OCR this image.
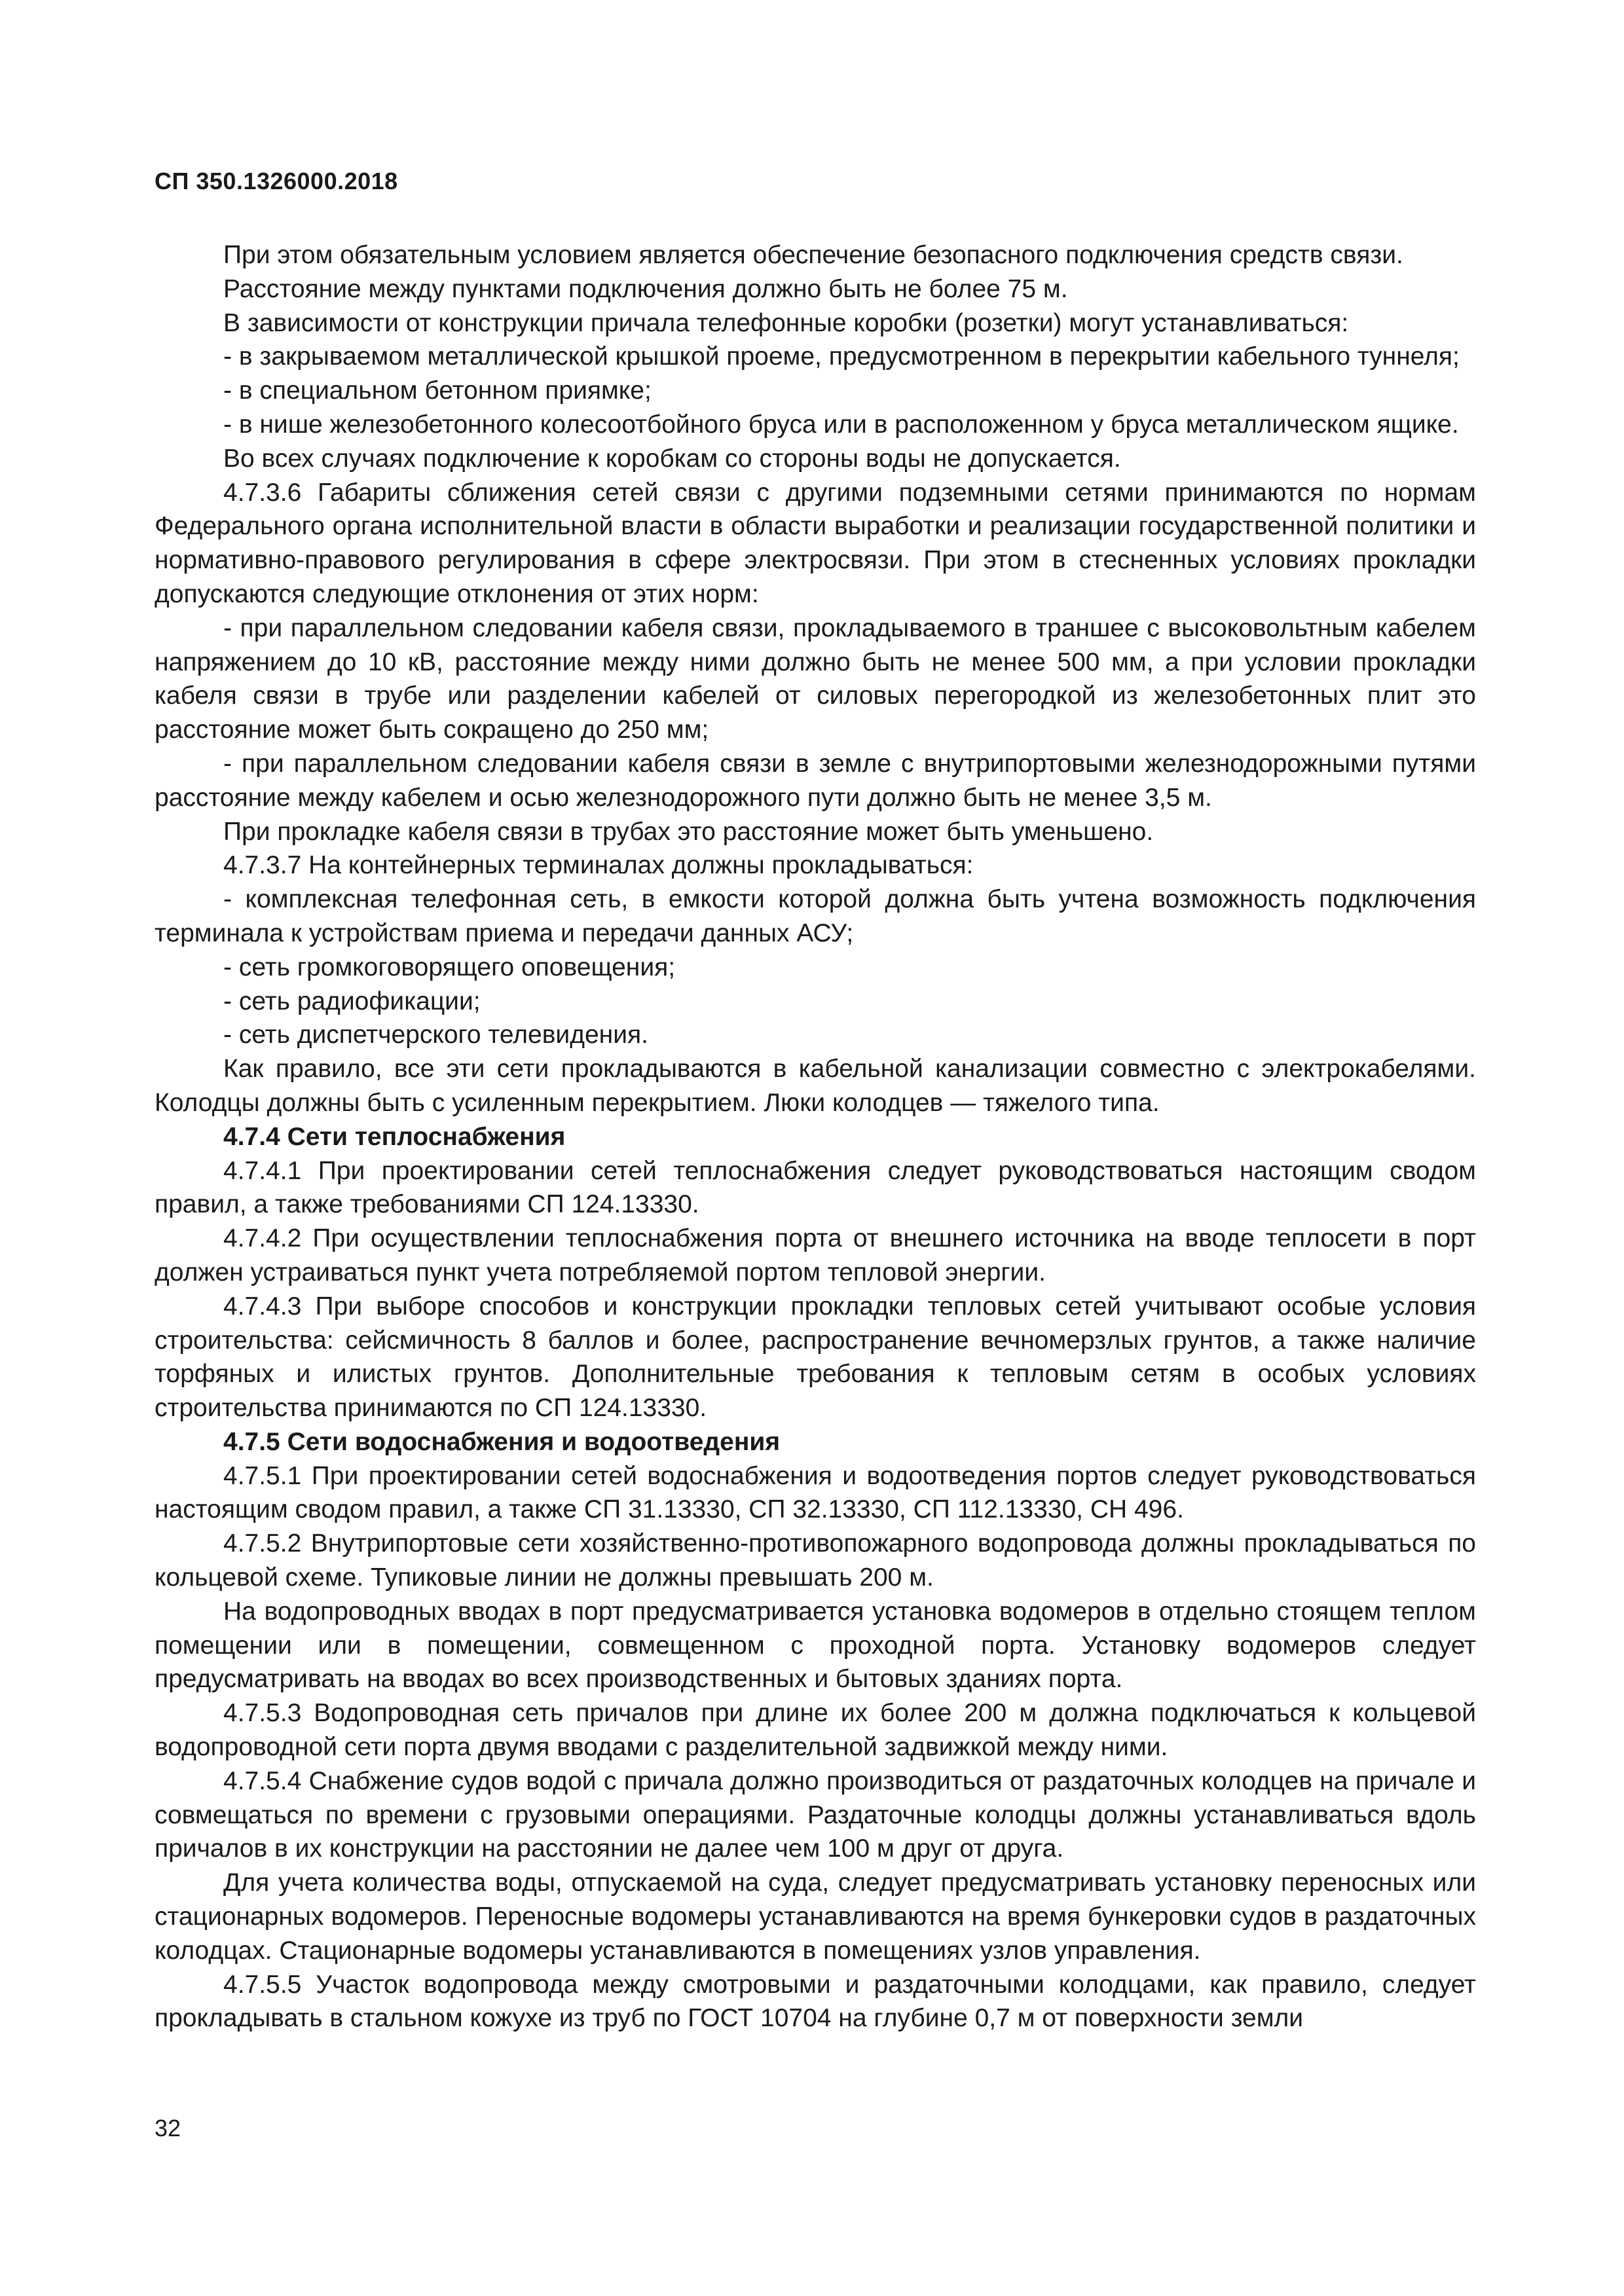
СП 350.1326000.2018

При этом обязательным условием является обеспечение безопасного подключения средств связи.

Расстояние между пунктами подключения должно быть не более 75 м.

В зависимости от конструкции причала телефонные коробки (розетки) могут устанавливаться:

- в закрываемом металлической крышкой проеме, предусмотренном в перекрытии кабельного туннеля;

- в специальном бетонном приямке;

- в нише железобетонного колесоотбойного бруса или в расположенном у бруса металлическом ящике.

Во всех случаях подключение к коробкам со стороны воды не допускается.

4.7.3.6 Габариты сближения сетей связи с другими подземными сетями принимаются по нормам Федерального органа исполнительной власти в области выработки и реализации государственной политики и нормативно-правового регулирования в сфере электросвязи. При этом в стесненных условиях прокладки допускаются следующие отклонения от этих норм:

- при параллельном следовании кабеля связи, прокладываемого в траншее с высоковольтным кабелем напряжением до 10 кВ, расстояние между ними должно быть не менее 500 мм, а при условии прокладки кабеля связи в трубе или разделении кабелей от силовых перегородкой из железобетонных плит это расстояние может быть сокращено до 250 мм;

- при параллельном следовании кабеля связи в земле с внутрипортовыми железнодорожными путями расстояние между кабелем и осью железнодорожного пути должно быть не менее 3,5 м.

При прокладке кабеля связи в трубах это расстояние может быть уменьшено.

4.7.3.7 На контейнерных терминалах должны прокладываться:

- комплексная телефонная сеть, в емкости которой должна быть учтена возможность подключения терминала к устройствам приема и передачи данных АСУ;

- сеть громкоговорящего оповещения;

- сеть радиофикации;

- сеть диспетчерского телевидения.

Как правило, все эти сети прокладываются в кабельной канализации совместно с электрокабелями. Колодцы должны быть с усиленным перекрытием. Люки колодцев — тяжелого типа.

4.7.4 Сети теплоснабжения

4.7.4.1 При проектировании сетей теплоснабжения следует руководствоваться настоящим сводом правил, а также требованиями СП 124.13330.

4.7.4.2 При осуществлении теплоснабжения порта от внешнего источника на вводе теплосети в порт должен устраиваться пункт учета потребляемой портом тепловой энергии.

4.7.4.3 При выборе способов и конструкции прокладки тепловых сетей учитывают особые условия строительства: сейсмичность 8 баллов и более, распространение вечномерзлых грунтов, а также наличие торфяных и илистых грунтов. Дополнительные требования к тепловым сетям в особых условиях строительства принимаются по СП 124.13330.

4.7.5 Сети водоснабжения и водоотведения

4.7.5.1 При проектировании сетей водоснабжения и водоотведения портов следует руководствоваться настоящим сводом правил, а также СП 31.13330, СП 32.13330, СП 112.13330, СН 496.

4.7.5.2 Внутрипортовые сети хозяйственно-противопожарного водопровода должны прокладываться по кольцевой схеме. Тупиковые линии не должны превышать 200 м.

На водопроводных вводах в порт предусматривается установка водомеров в отдельно стоящем теплом помещении или в помещении, совмещенном с проходной порта. Установку водомеров следует предусматривать на вводах во всех производственных и бытовых зданиях порта.

4.7.5.3 Водопроводная сеть причалов при длине их более 200 м должна подключаться к кольцевой водопроводной сети порта двумя вводами с разделительной задвижкой между ними.

4.7.5.4 Снабжение судов водой с причала должно производиться от раздаточных колодцев на причале и совмещаться по времени с грузовыми операциями. Раздаточные колодцы должны устанавливаться вдоль причалов в их конструкции на расстоянии не далее чем 100 м друг от друга.

Для учета количества воды, отпускаемой на суда, следует предусматривать установку переносных или стационарных водомеров. Переносные водомеры устанавливаются на время бункеровки судов в раздаточных колодцах. Стационарные водомеры устанавливаются в помещениях узлов управления.

4.7.5.5 Участок водопровода между смотровыми и раздаточными колодцами, как правило, следует прокладывать в стальном кожухе из труб по ГОСТ 10704 на глубине 0,7 м от поверхности земли

32
